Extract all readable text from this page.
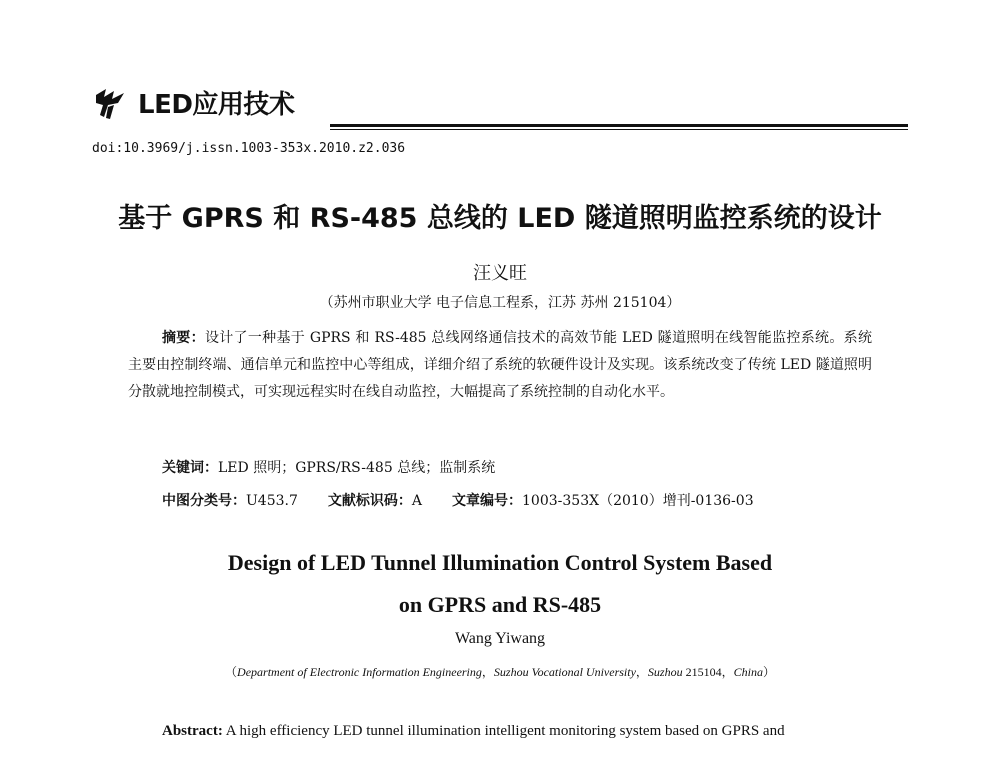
LED应用技术
doi:10.3969/j.issn.1003-353x.2010.z2.036
基于 GPRS 和 RS-485 总线的 LED 隧道照明监控系统的设计
汪义旺
（苏州市职业大学 电子信息工程系，江苏 苏州 215104）
摘要：设计了一种基于 GPRS 和 RS-485 总线网络通信技术的高效节能 LED 隧道照明在线智能监控系统。系统主要由控制终端、通信单元和监控中心等组成，详细介绍了系统的软硬件设计及实现。该系统改变了传统 LED 隧道照明分散就地控制模式，可实现远程实时在线自动监控，大幅提高了系统控制的自动化水平。
关键词：LED 照明；GPRS/RS-485 总线；监制系统
中图分类号：U453.7 文献标识码：A 文章编号：1003-353X（2010）增刊-0136-03
Design of LED Tunnel Illumination Control System Based
on GPRS and RS-485
Wang Yiwang
（Department of Electronic Information Engineering，Suzhou Vocational University，Suzhou 215104，China）
Abstract: A high efficiency LED tunnel illumination intelligent monitoring system based on GPRS and
